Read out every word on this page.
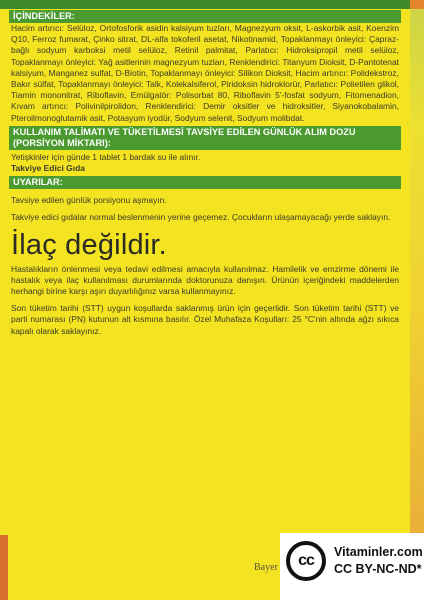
İÇİNDEKİLER:
Hacim artırıcı: Selüloz, Ortofosforik asidin kalsiyum tuzları, Magnezyum oksit, L-askorbik asit, Koenzim Q10, Ferroz fumarat, Çinko sitrat, DL-alfa tokoferil asetat, Nikotinamid, Topaklanmayı önleyici: Çapraz-bağlı sodyum karboksi metil selüloz, Retinil palmitat, Parlatıcı: Hidroksipropil metil selüloz, Topaklanmayı önleyici: Yağ asitlerinin magnezyum tuzları, Renklendirici: Titanyum Dioksit, D-Pantotenat kalsiyum, Manganez sulfat, D-Biotin, Topaklanmayı önleyici: Silikon Dioksit, Hacim artırıcı: Polidekstroz, Bakır sülfat, Topaklanmayı önleyici: Talk, Kolekalsiferol, Piridoksin hidroklorür, Parlatıcı: Polietilen glikol, Tiamin mononitrat, Riboflavin, Emülgatör: Polisorbat 80, Riboflavin 5'-fosfat sodyum, Fitomenadion, Kıvam artırıcı: Polivinilpirolidon, Renklendirici: Demir oksitler ve hidroksitler, Siyanokobalamin, Pteroilmonoglutamik asit, Potasyum iyodür, Sodyum selenit, Sodyum molibdat.
KULLANIM TALİMATI VE TÜKETİLMESİ TAVSİYE EDİLEN GÜNLÜK ALIM DOZU (PORSİYON MİKTARI):
Yetişkinler için günde 1 tablet 1 bardak su ile alınır.
Takviye Edici Gıda
UYARILAR:
Tavsiye edilen günlük porsiyonu aşmayın.
Takviye edici gıdalar normal beslenmenin yerine geçemez. Çocukların ulaşamayacağı yerde saklayın.
İlaç değildir.
Hastalıkların önlenmesi veya tedavi edilmesi amacıyla kullanılmaz. Hamilelik ve emzirme dönemi ile hastalık veya ilaç kullanılması durumlarında doktorunuza danışın. Ürünün içeriğindeki maddelerden herhangi birine karşı aşırı duyarlılığınız varsa kullanmayınız.
Son tüketim tarihi (STT) uygun koşullarda saklanmış ürün için geçerlidir. Son tüketim tarihi (STT) ve parti numarası (PN) kutunun alt kısmına basılır. Özel Muhafaza Koşulları: 25 °C'nin altında ağzı sıkıca kapalı olarak saklayınız.
Bayer cc Vitaminler.com
CC BY-NC-ND*
